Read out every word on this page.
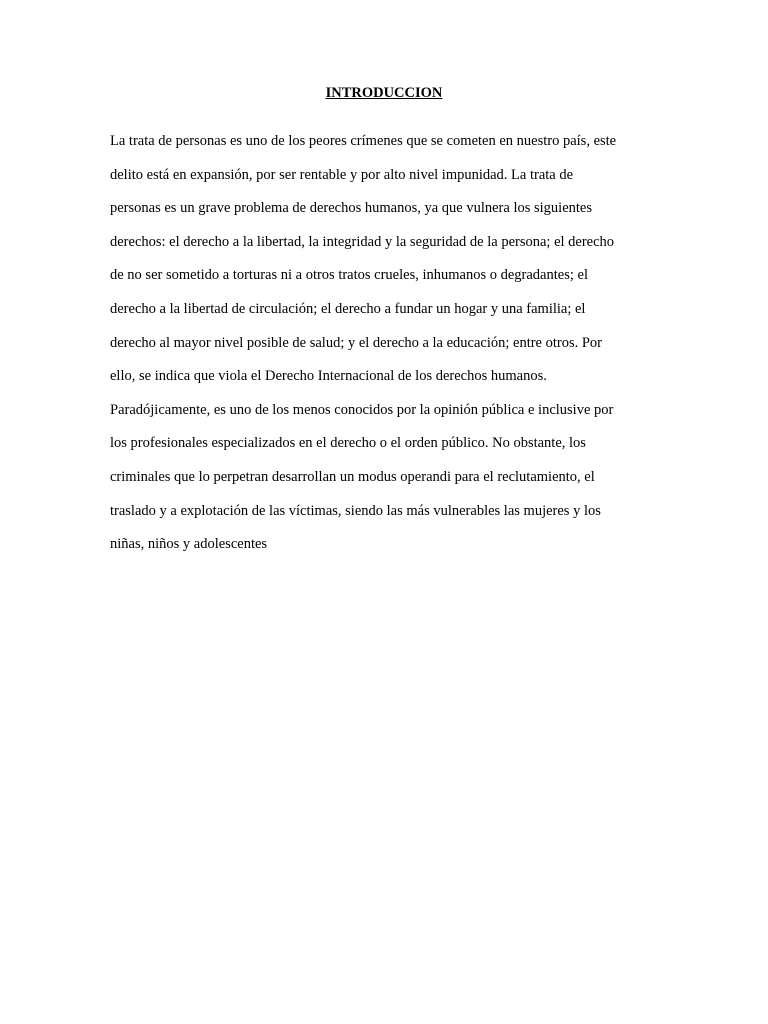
INTRODUCCION

La trata de personas es uno de los peores crímenes que se cometen en nuestro país, este
delito está en expansión, por ser rentable y por alto nivel impunidad. La trata de
personas es un grave problema de derechos humanos, ya que vulnera los siguientes
derechos: el derecho a la libertad, la integridad y la seguridad de la persona; el derecho
de no ser sometido a torturas ni a otros tratos crueles, inhumanos o degradantes; el
derecho a la libertad de circulación; el derecho a fundar un hogar y una familia; el
derecho al mayor nivel posible de salud; y el derecho a la educación; entre otros. Por
ello, se indica que viola el Derecho Internacional de los derechos humanos.
Paradójicamente, es uno de los menos conocidos por la opinión pública e inclusive por
los profesionales especializados en el derecho o el orden público. No obstante, los
criminales que lo perpetran desarrollan un modus operandi para el reclutamiento, el
traslado y a explotación de las víctimas, siendo las más vulnerables las mujeres y los
niñas, niños y adolescentes
